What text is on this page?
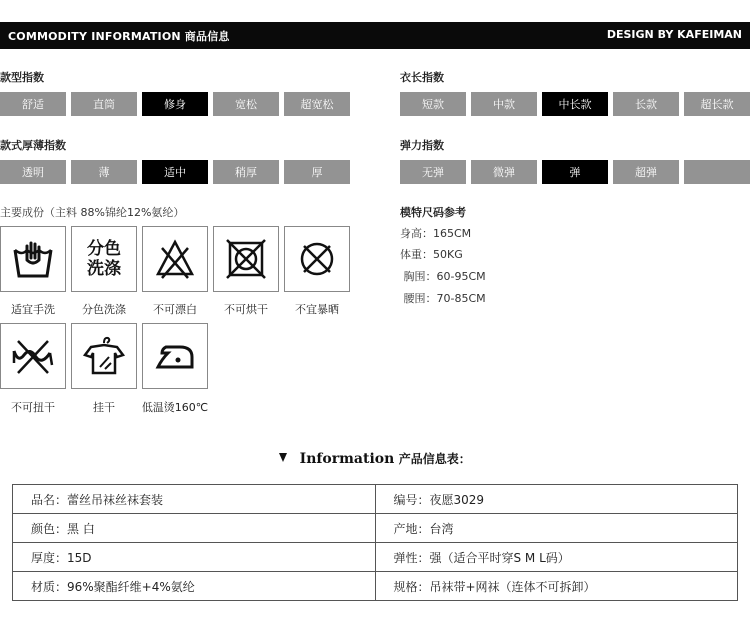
COMMODITY INFORMATION 商品信息	DESIGN BY KAFEIMAN
款型指数
舒适	直筒	修身	宽松	超宽松
衣长指数
短款	中款	中长款	长款	超长款
款式厚薄指数
透明	薄	适中	稍厚	厚
弹力指数
无弹	微弹	弹	超弹
主要成份（主料 88%锦纶12%氨纶）
分色
洗涤
适宜手洗	分色洗涤	不可漂白	不可烘干	不宜暴晒
不可扭干	挂干	低温烫160℃
模特尺码参考
身高：165CM
体重：50KG
胸围：60-95CM
腰围：70-85CM
Information 产品信息表：
品名：蕾丝吊袜丝袜套装	编号：夜愿3029
颜色：黑 白	产地：台湾
厚度：15D	弹性：强（适合平时穿S M L码）
材质：96%聚酯纤维+4%氨纶	规格：吊袜带+网袜（连体不可拆卸）
